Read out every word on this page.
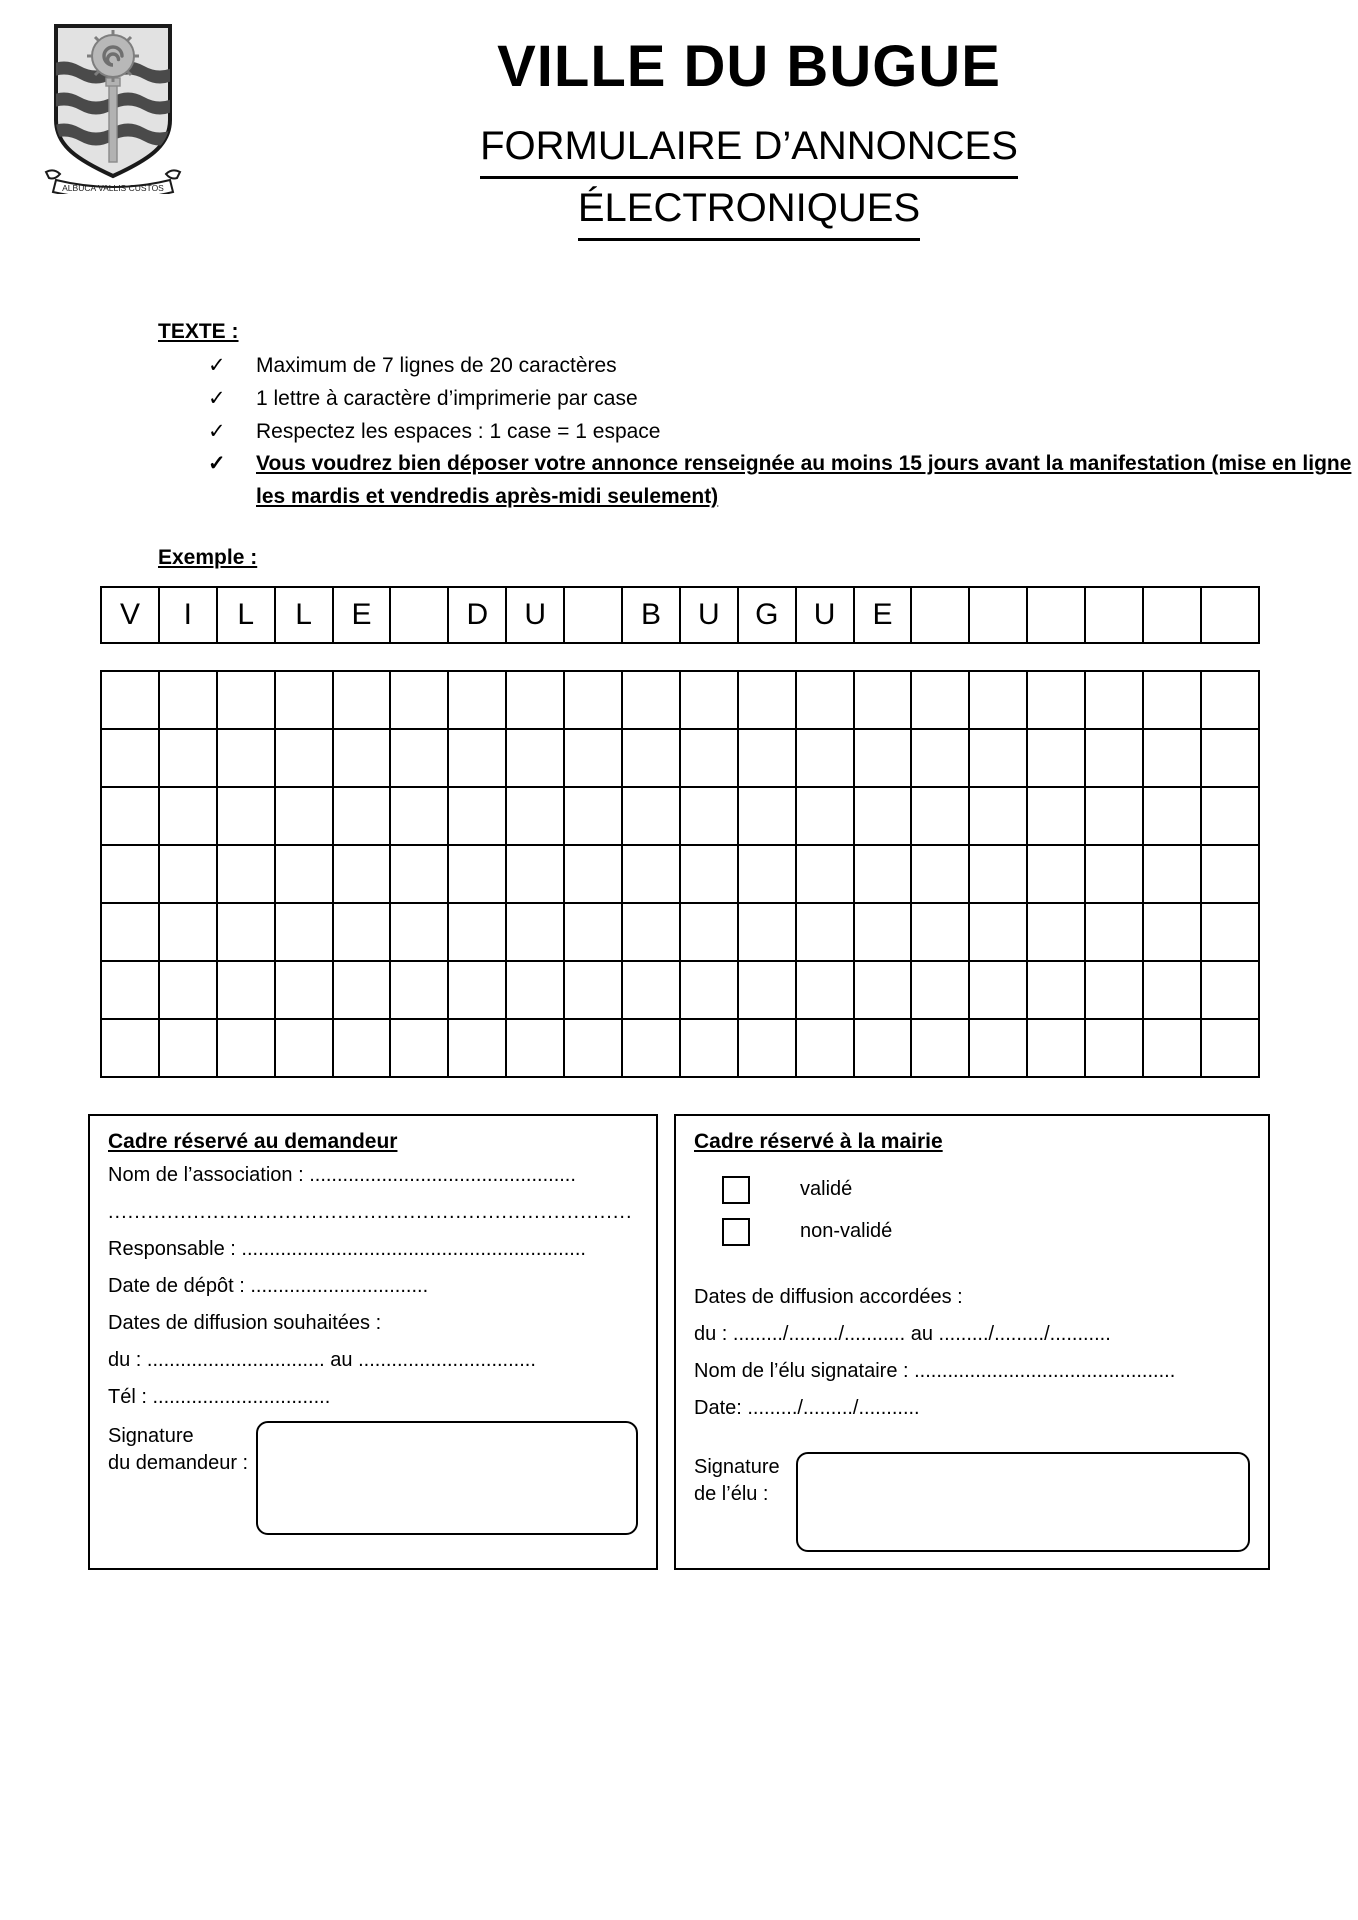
ALBUCA VALLIS CUSTOS
VILLE DU BUGUE
FORMULAIRE D’ANNONCES
ÉLECTRONIQUES
TEXTE :
✓ Maximum de 7 lignes de 20 caractères
✓ 1 lettre à caractère d’imprimerie par case
✓ Respectez les espaces : 1 case = 1 espace
✓ Vous voudrez bien déposer votre annonce renseignée au moins 15 jours avant la manifestation (mise en ligne les mardis et vendredis après-midi seulement)
Exemple :
V	I	L	L	E		D	U		B	U	G	U	E						

Cadre réservé au demandeur

Nom de l’association : ................................................

................................................................................

Responsable : ..............................................................

Date de dépôt : ................................

Dates de diffusion souhaitées :

du : ................................ au ................................

Tél : ................................

Signature
du demandeur :
Cadre réservé à la mairie
validé
non-validé

Dates de diffusion accordées :

du : ........./........./........... au ........./........./...........

Nom de l’élu signataire : ...............................................

Date: ........./........./...........

Signature
de l’élu :
